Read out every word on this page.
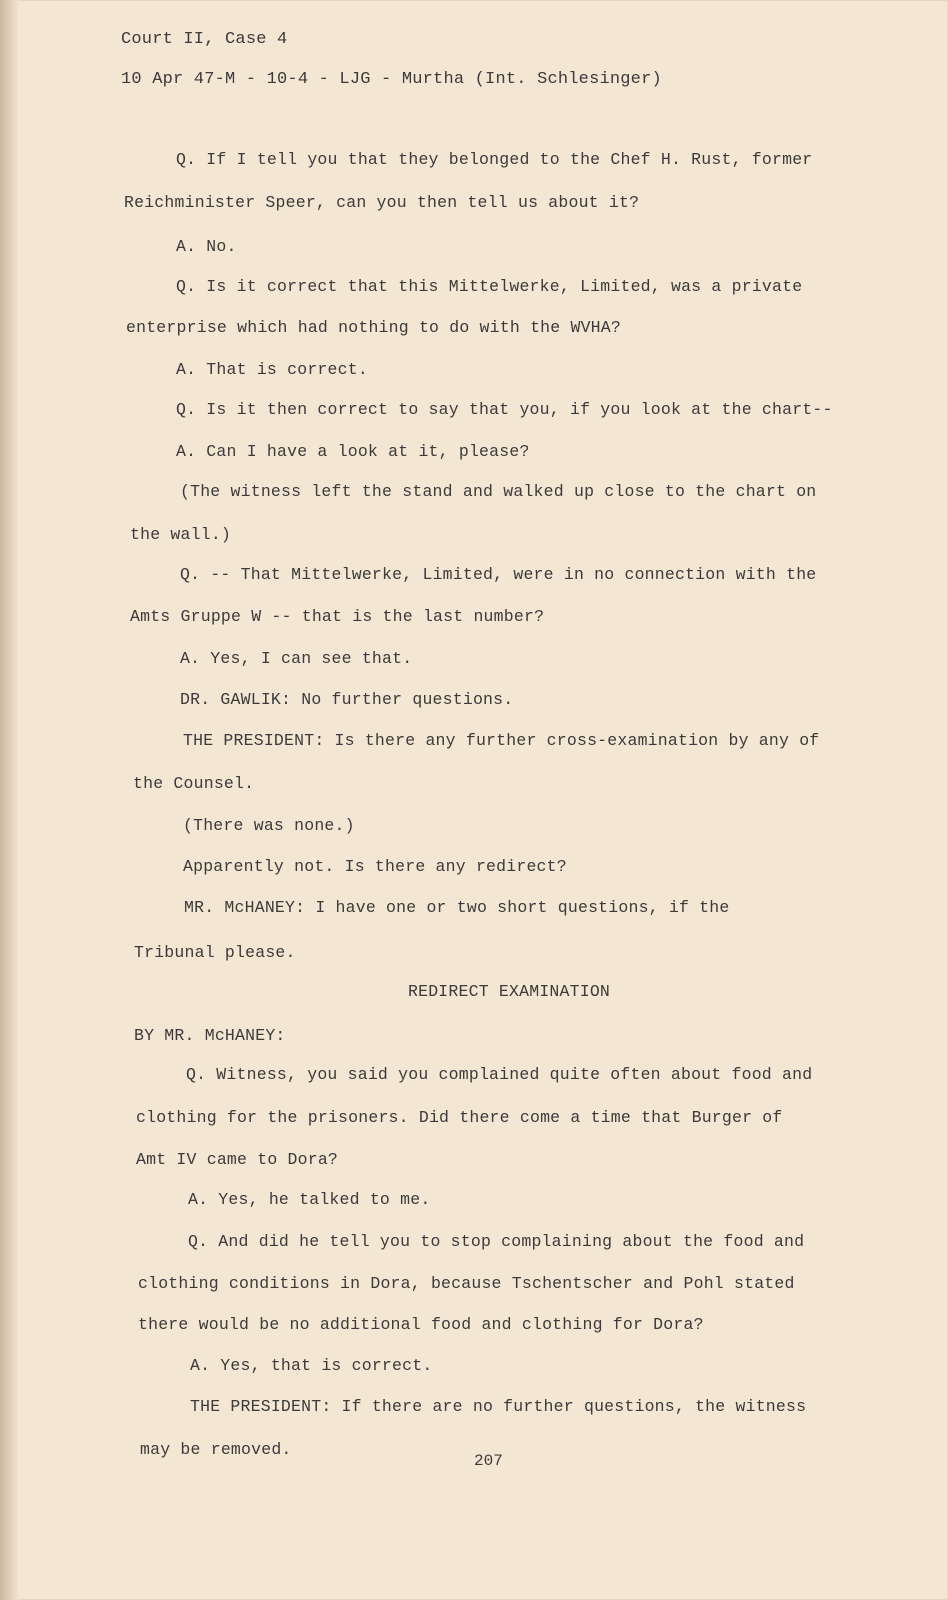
Court II, Case 4
10 Apr 47-M - 10-4 - LJG - Murtha (Int. Schlesinger)
Q. If I tell you that they belonged to the Chef H. Rust, former
Reichminister Speer, can you then tell us about it?
A. No.
Q. Is it correct that this Mittelwerke, Limited, was a private
enterprise which had nothing to do with the WVHA?
A. That is correct.
Q. Is it then correct to say that you, if you look at the chart--
A. Can I have a look at it, please?
(The witness left the stand and walked up close to the chart on
the wall.)
Q. -- That Mittelwerke, Limited, were in no connection with the
Amts Gruppe W -- that is the last number?
A. Yes, I can see that.
DR. GAWLIK: No further questions.
THE PRESIDENT: Is there any further cross-examination by any of
the Counsel.
(There was none.)
Apparently not. Is there any redirect?
MR. McHANEY: I have one or two short questions, if the
Tribunal please.
REDIRECT EXAMINATION
BY MR. McHANEY:
Q. Witness, you said you complained quite often about food and
clothing for the prisoners. Did there come a time that Burger of
Amt IV came to Dora?
A. Yes, he talked to me.
Q. And did he tell you to stop complaining about the food and
clothing conditions in Dora, because Tschentscher and Pohl stated
there would be no additional food and clothing for Dora?
A. Yes, that is correct.
THE PRESIDENT: If there are no further questions, the witness
may be removed.
207
